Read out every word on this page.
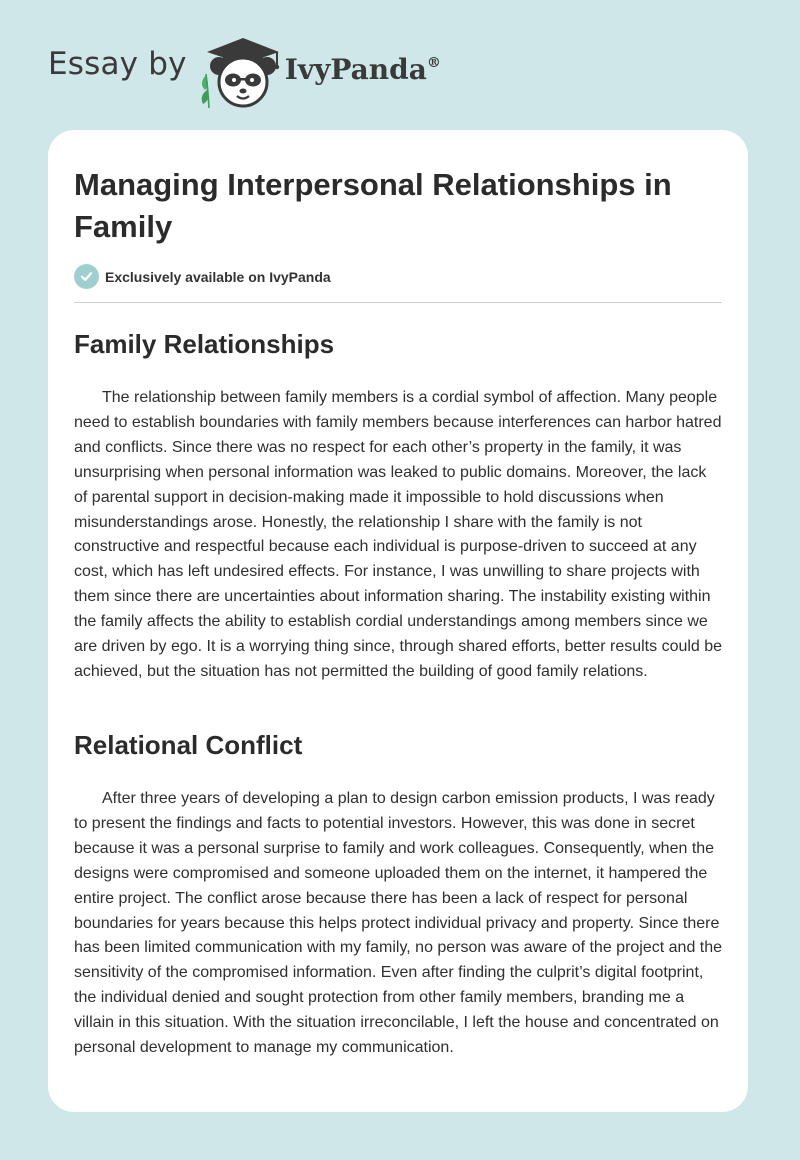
Essay by	IvyPanda®
Managing Interpersonal Relationships in Family
Exclusively available on IvyPanda
Family Relationships

The relationship between family members is a cordial symbol of affection. Many people need to establish boundaries with family members because interferences can harbor hatred and conflicts. Since there was no respect for each other’s property in the family, it was unsurprising when personal information was leaked to public domains. Moreover, the lack of parental support in decision-making made it impossible to hold discussions when misunderstandings arose. Honestly, the relationship I share with the family is not constructive and respectful because each individual is purpose-driven to succeed at any cost, which has left undesired effects. For instance, I was unwilling to share projects with them since there are uncertainties about information sharing. The instability existing within the family affects the ability to establish cordial understandings among members since we are driven by ego. It is a worrying thing since, through shared efforts, better results could be achieved, but the situation has not permitted the building of good family relations.

Relational Conflict

After three years of developing a plan to design carbon emission products, I was ready to present the findings and facts to potential investors. However, this was done in secret because it was a personal surprise to family and work colleagues. Consequently, when the designs were compromised and someone uploaded them on the internet, it hampered the entire project. The conflict arose because there has been a lack of respect for personal boundaries for years because this helps protect individual privacy and property. Since there has been limited communication with my family, no person was aware of the project and the sensitivity of the compromised information. Even after finding the culprit’s digital footprint, the individual denied and sought protection from other family members, branding me a villain in this situation. With the situation irreconcilable, I left the house and concentrated on personal development to manage my communication.
